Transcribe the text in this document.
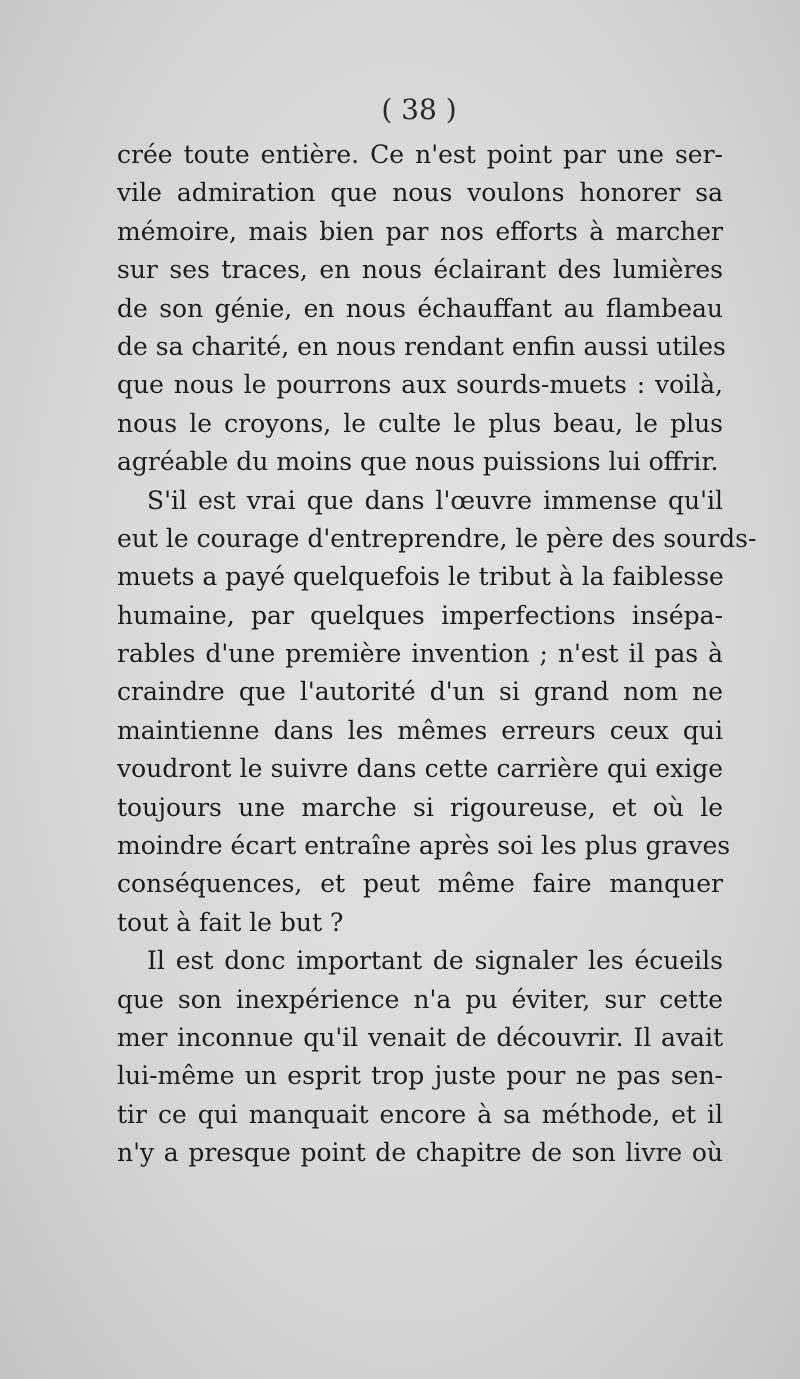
( 38 )
crée toute entière. Ce n'est point par une ser-
vile admiration que nous voulons honorer sa
mémoire, mais bien par nos efforts à marcher
sur ses traces, en nous éclairant des lumières
de son génie, en nous échauffant au flambeau
de sa charité, en nous rendant enfin aussi utiles
que nous le pourrons aux sourds-muets : voilà,
nous le croyons, le culte le plus beau, le plus
agréable du moins que nous puissions lui offrir.
S'il est vrai que dans l'œuvre immense qu'il
eut le courage d'entreprendre, le père des sourds-
muets a payé quelquefois le tribut à la faiblesse
humaine, par quelques imperfections insépa-
rables d'une première invention ; n'est il pas à
craindre que l'autorité d'un si grand nom ne
maintienne dans les mêmes erreurs ceux qui
voudront le suivre dans cette carrière qui exige
toujours une marche si rigoureuse, et où le
moindre écart entraîne après soi les plus graves
conséquences, et peut même faire manquer
tout à fait le but ?
Il est donc important de signaler les écueils
que son inexpérience n'a pu éviter, sur cette
mer inconnue qu'il venait de découvrir. Il avait
lui-même un esprit trop juste pour ne pas sen-
tir ce qui manquait encore à sa méthode, et il
n'y a presque point de chapitre de son livre où
